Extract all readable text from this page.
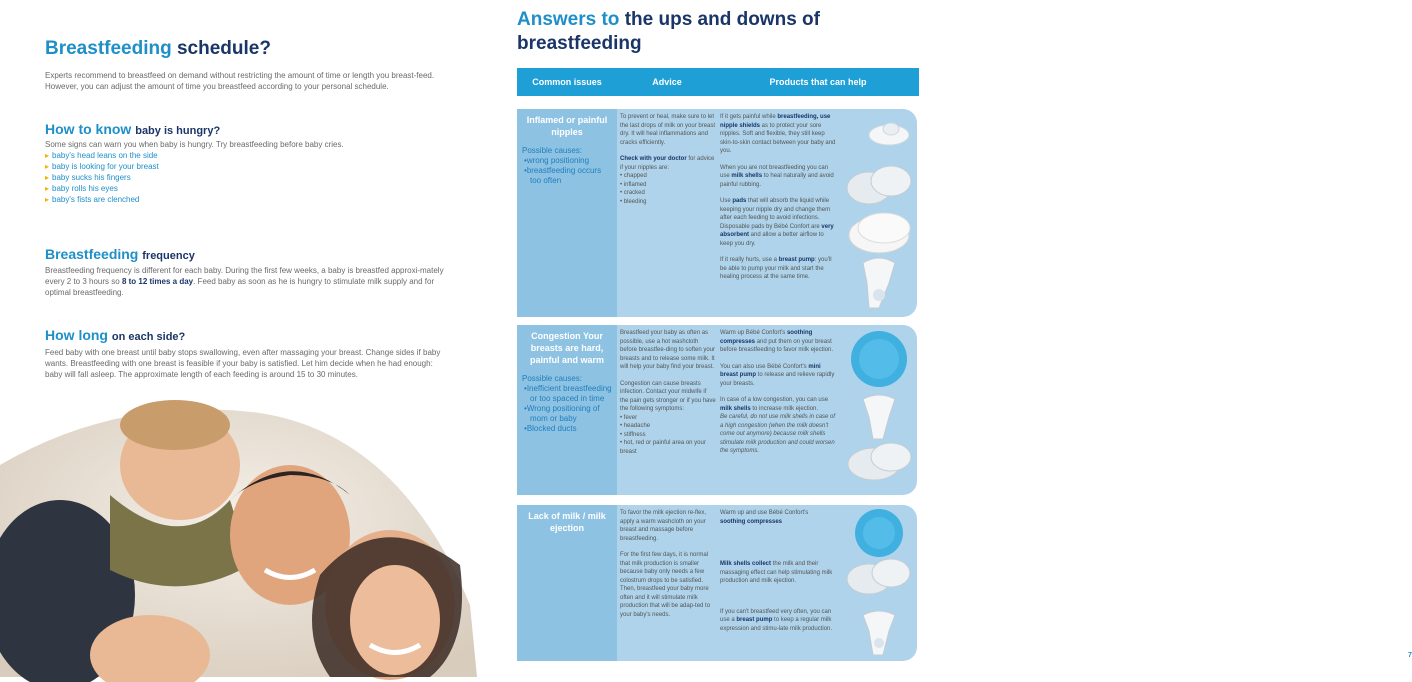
Breastfeeding schedule?

Experts recommend to breastfeed on demand without restricting the amount of time or length you breast-feed. However, you can adjust the amount of time you breastfeed according to your personal schedule.

How to know baby is hungry?

Some signs can warn you when baby is hungry. Try breastfeeding before baby cries.

▸ baby's head leans on the side
▸ baby is looking for your breast
▸ baby sucks his fingers
▸ baby rolls his eyes
▸ baby's fists are clenched
Breastfeeding frequency

Breastfeeding frequency is different for each baby. During the first few weeks, a baby is breastfed approxi-mately every 2 to 3 hours so 8 to 12 times a day. Feed baby as soon as he is hungry to stimulate milk supply and for optimal breastfeeding.

How long on each side?

Feed baby with one breast until baby stops swallowing, even after massaging your breast. Change sides if baby wants. Breastfeeding with one breast is feasible if your baby is satisfied. Let him decide when he had enough: baby will fall asleep. The approximate length of each feeding is around 15 to 30 minutes.

Answers to the ups and downs of breastfeeding
Common issues	Advice	Products that can help
Inflamed or painful nipples
Possible causes:
• wrong positioning
• breastfeeding occurs too often

To prevent or heal, make sure to let the last drops of milk on your breast dry. It will heal inflammations and cracks efficiently.

Check with your doctor for advice if your nipples are:

• chapped
• inflamed
• cracked
• bleeding

If it gets painful while breastfeeding, use nipple shields as to protect your sore nipples. Soft and flexible, they still keep skin-to-skin contact between your baby and you.

When you are not breastfeeding you can use milk shells to heal naturally and avoid painful rubbing.

Use pads that will absorb the liquid while keeping your nipple dry and change them after each feeding to avoid infections. Disposable pads by Bébé Confort are very absorbent and allow a better airflow to keep you dry.

If it really hurts, use a breast pump: you'll be able to pump your milk and start the healing process at the same time.

Congestion Your breasts are hard, painful and warm
Possible causes:
• Inefficient breastfeeding or too spaced in time
• Wrong positioning of mom or baby
• Blocked ducts

Breastfeed your baby as often as possible, use a hot washcloth before breastfee-ding to soften your breasts and to release some milk. It will help your baby find your breast.

Congestion can cause breasts infection. Contact your midwife if the pain gets stronger or if you have the following symptoms:

• fever
• headache
• stiffness
• hot, red or painful area on your breast

Warm up Bébé Confort's soothing compresses and put them on your breast before breastfeeding to favor milk ejection.

You can also use Bébé Confort's mini breast pump to release and relieve rapidly your breasts.

In case of a low congestion, you can use milk shells to increase milk ejection.
Be careful, do not use milk shells in case of a high congestion (when the milk doesn't come out anymore) because milk shells stimulate milk production and could worsen the symptoms.

Lack of milk / milk ejection

To favor the milk ejection re-flex, apply a warm washcloth on your breast and massage before breastfeeding.

For the first few days, it is normal that milk production is smaller because baby only needs a few colostrum drops to be satisfied. Then, breastfeed your baby more often and it will stimulate milk production that will be adap-ted to your baby's needs.

Warm up and use Bébé Confort's
soothing compresses

Milk shells collect the milk and their massaging effect can help stimulating milk production and milk ejection.

If you can't breastfeed very often, you can use a breast pump to keep a regular milk expression and stimu-late milk production.

7
